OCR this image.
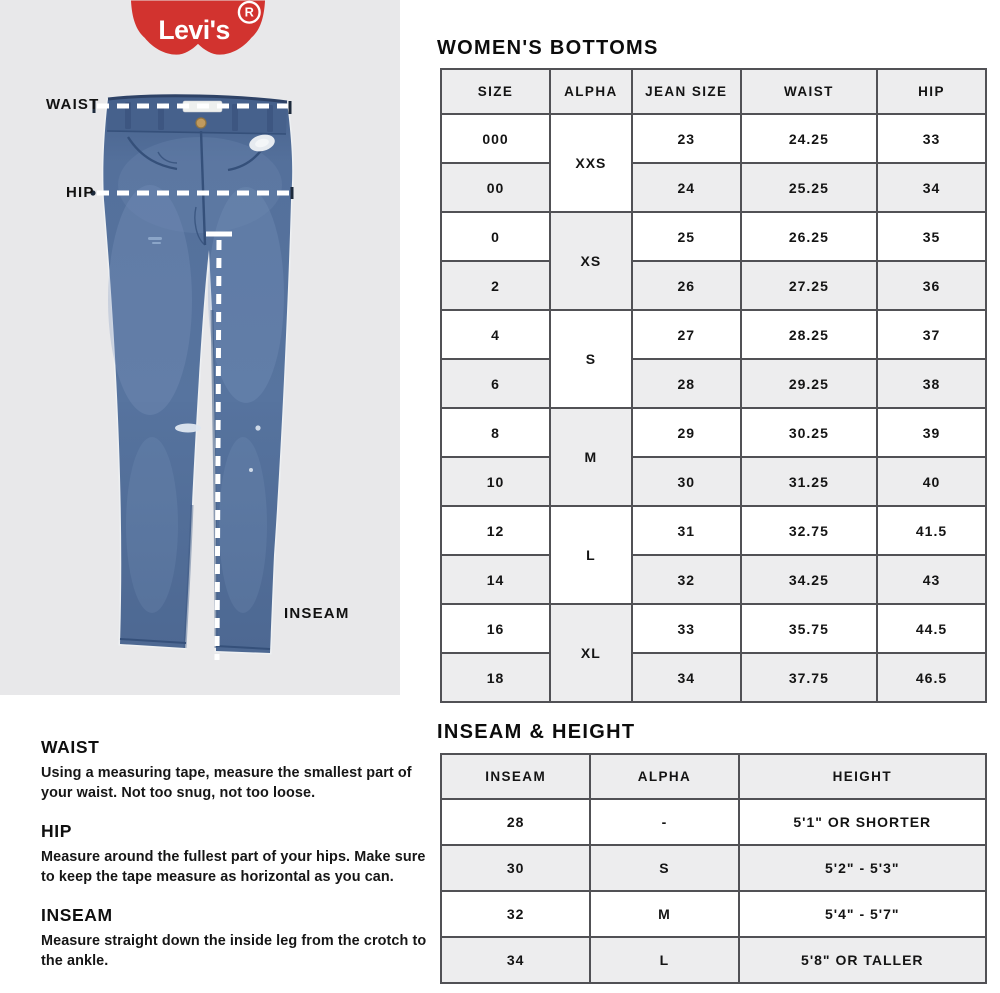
Levi's
R
WAIST
HIP
INSEAM
WOMEN'S BOTTOMS
SIZE	ALPHA	JEAN SIZE	WAIST	HIP
000	XXS	23	24.25	33
00		24	25.25	34
0	XS	25	26.25	35
2		26	27.25	36
4	S	27	28.25	37
6		28	29.25	38
8	M	29	30.25	39
10		30	31.25	40
12	L	31	32.75	41.5
14		32	34.25	43
16	XL	33	35.75	44.5
18		34	37.75	46.5
INSEAM & HEIGHT
INSEAM	ALPHA	HEIGHT
28	-	5'1" OR SHORTER
30	S	5'2" - 5'3"
32	M	5'4" - 5'7"
34	L	5'8" OR TALLER
WAIST

Using a measuring tape, measure the smallest part of your waist. Not too snug, not too loose.

HIP

Measure around the fullest part of your hips. Make sure to keep the tape measure as horizontal as you can.

INSEAM

Measure straight down the inside leg from the crotch to the ankle.
